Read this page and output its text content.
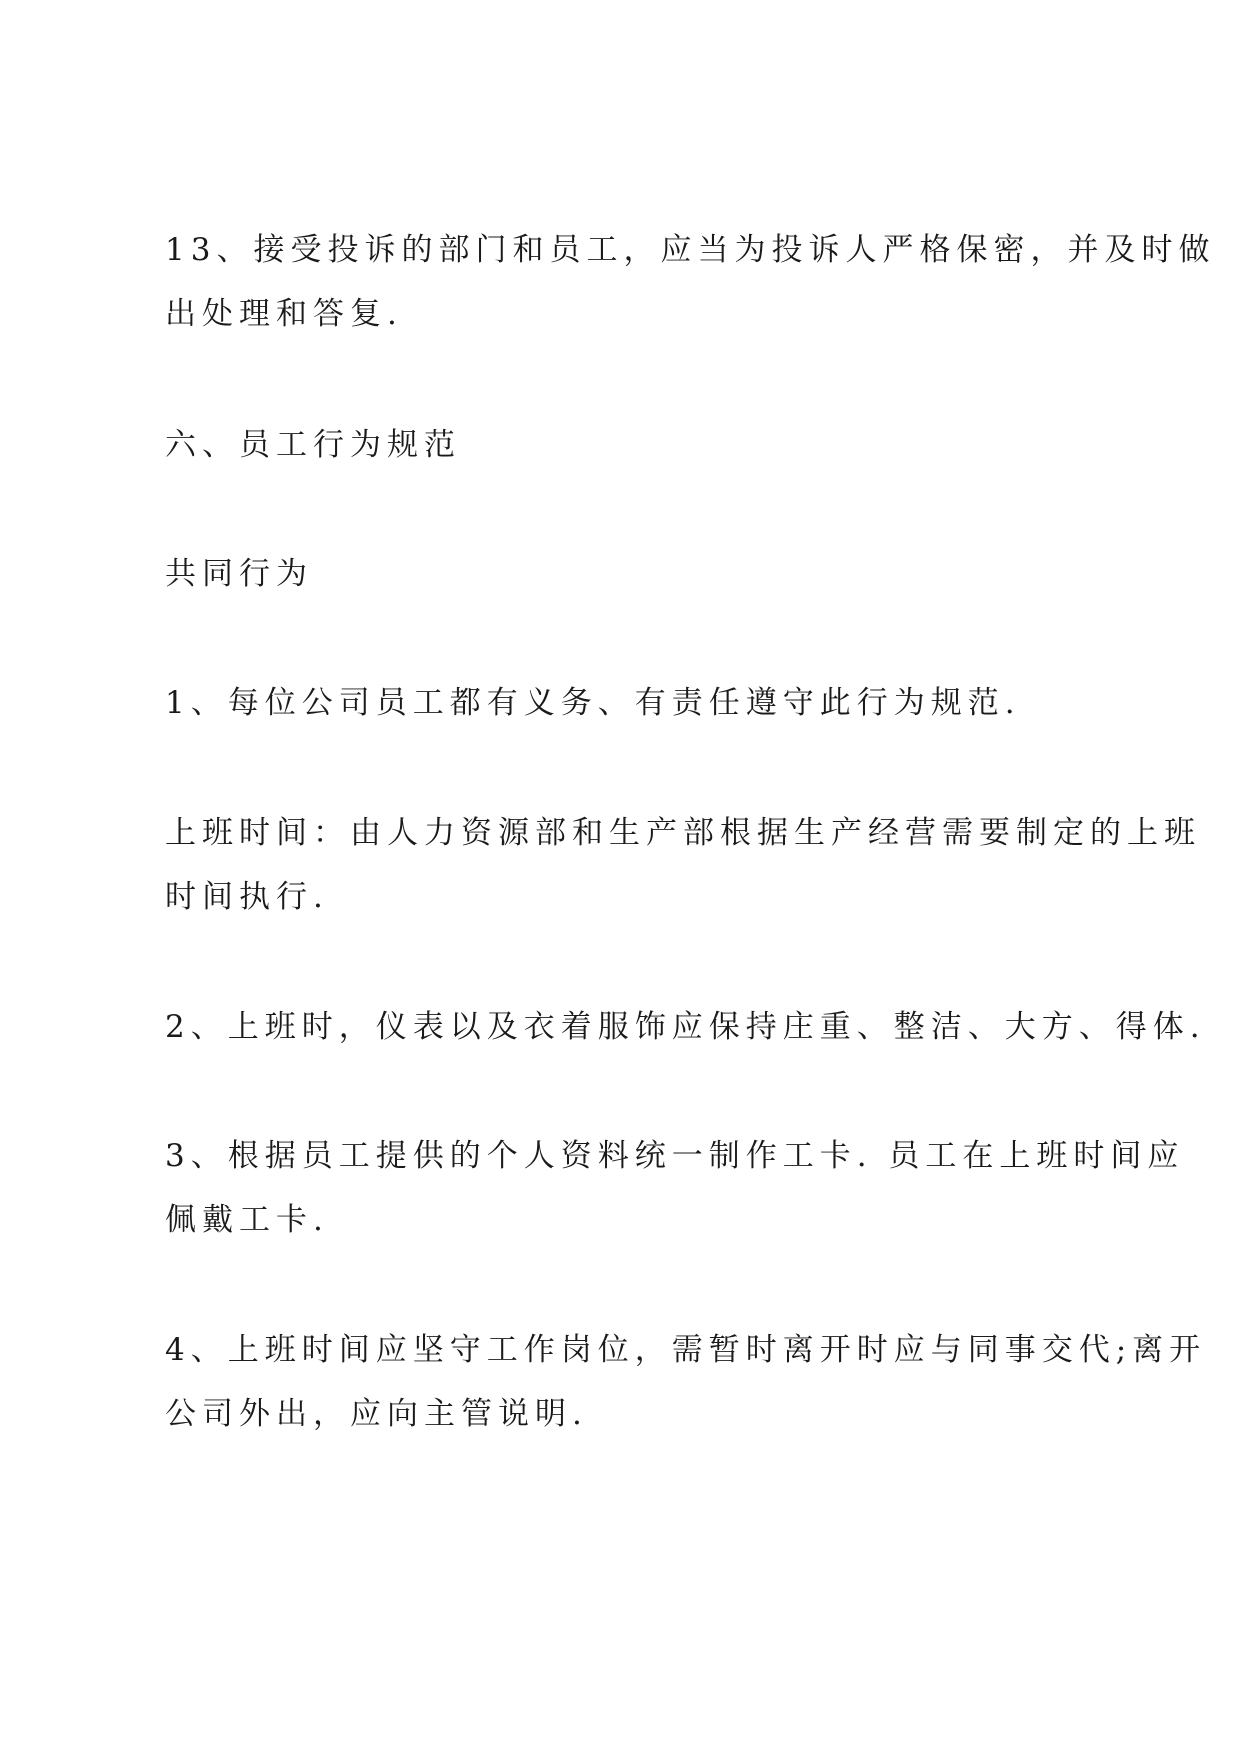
13、接受投诉的部门和员工，应当为投诉人严格保密，并及时做
出处理和答复.

六、员工行为规范

共同行为

1、每位公司员工都有义务、有责任遵守此行为规范.

上班时间：由人力资源部和生产部根据生产经营需要制定的上班
时间执行.

2、上班时，仪表以及衣着服饰应保持庄重、整洁、大方、得体.

3、根据员工提供的个人资料统一制作工卡. 员工在上班时间应
佩戴工卡.

4、上班时间应坚守工作岗位，需暂时离开时应与同事交代;离开
公司外出，应向主管说明.
